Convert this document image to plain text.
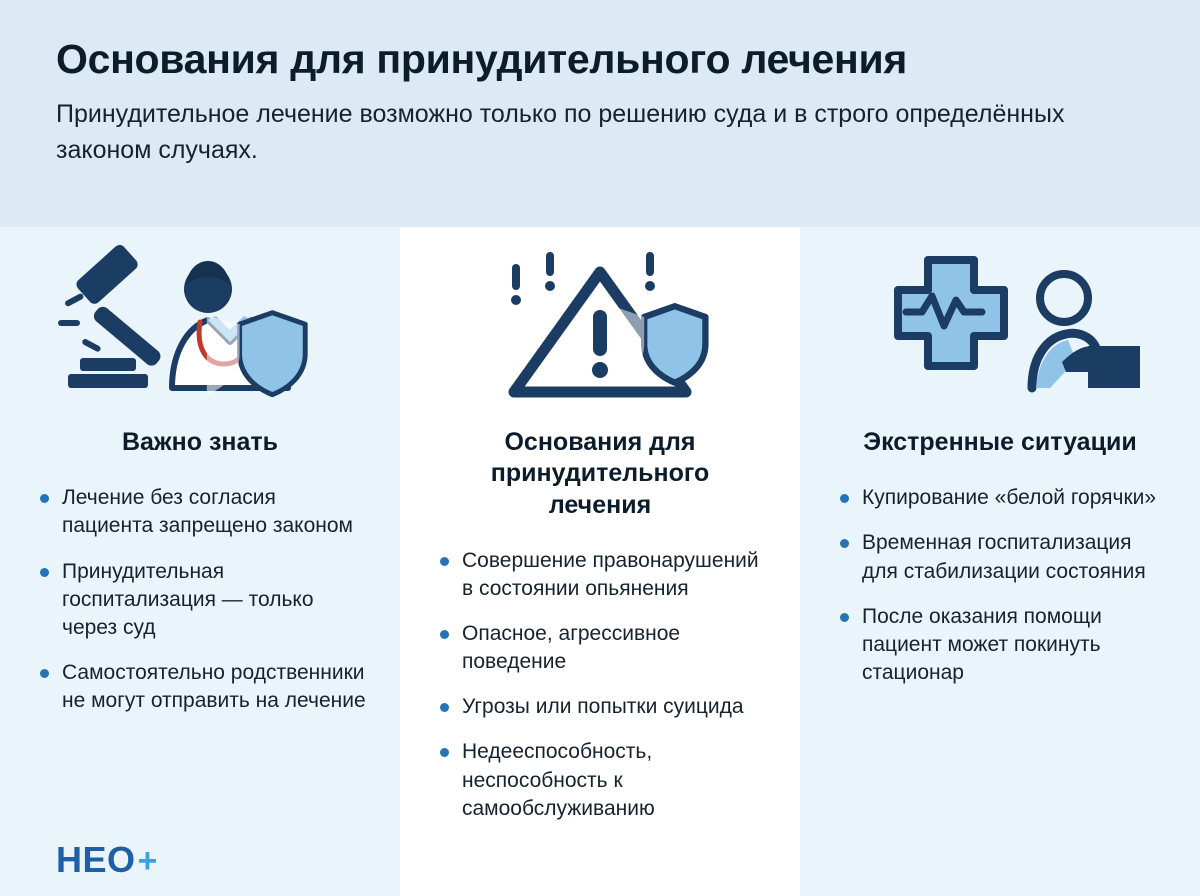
Основания для принудительного лечения

Принудительное лечение возможно только по решению суда и в строго определённых законом случаях.

Важно знать
Лечение без согласия пациента запрещено законом
Принудительная госпитализация — только через суд
Самостоятельно родственники не могут отправить на лечение
Основания для принудительного лечения
Совершение правонарушений в состоянии опьянения
Опасное, агрессивное поведение
Угрозы или попытки суицида
Недееспособность, неспособность к самообслуживанию
Экстренные ситуации
Купирование «белой горячки»
Временная госпитализация для стабилизации состояния
После оказания помощи пациент может покинуть стационар
НЕО +
